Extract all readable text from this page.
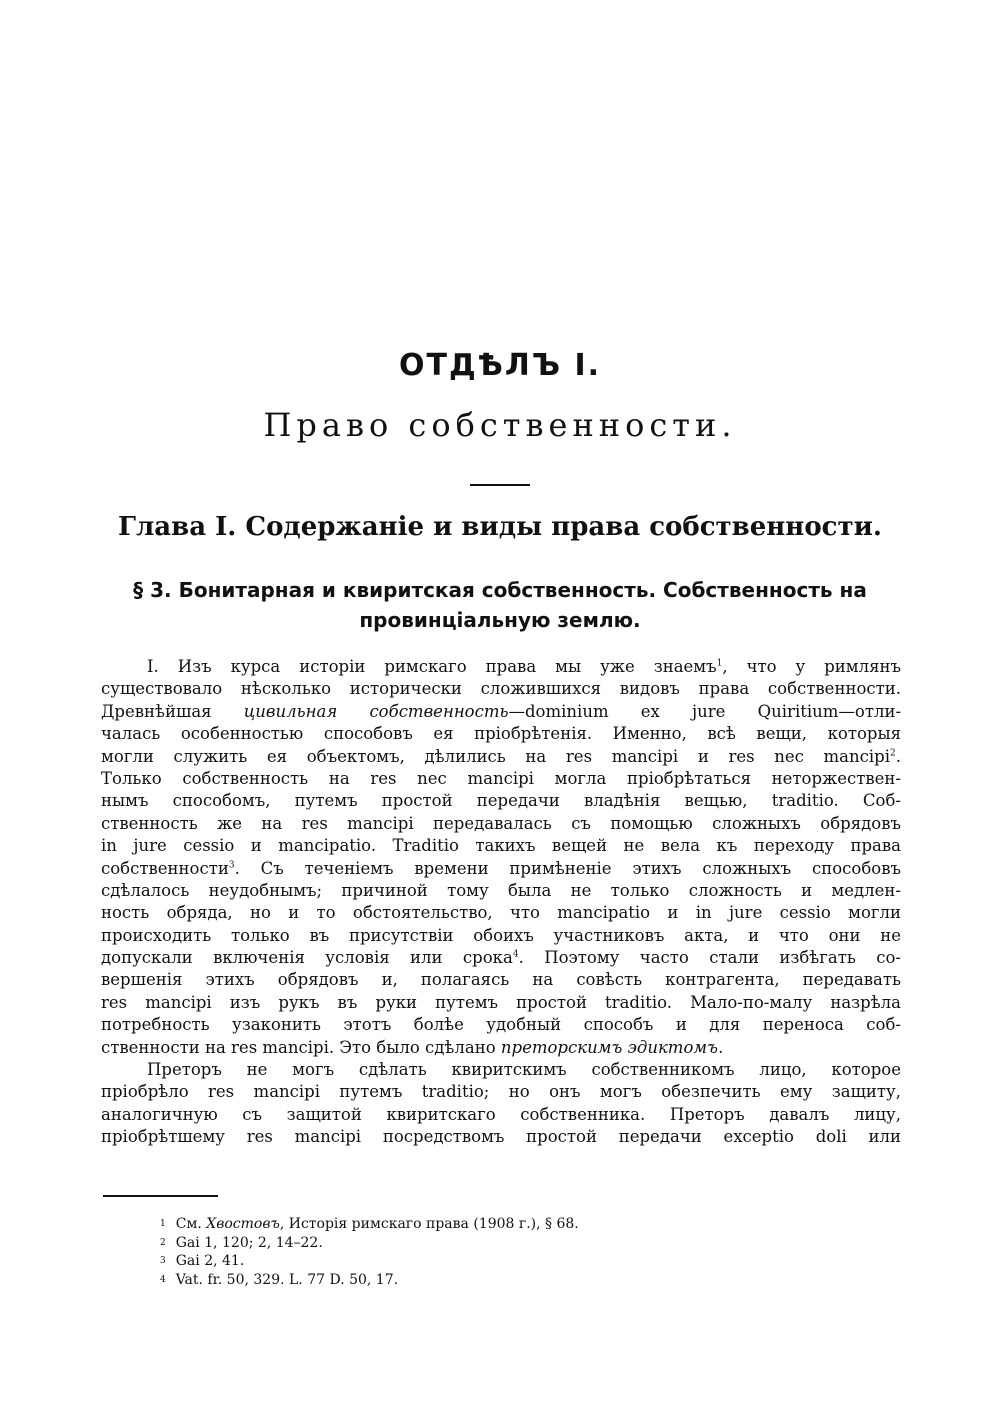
ОТДѢЛЪ I.
Право собственности.
Глава I. Содержаніе и виды права собственности.
§ 3. Бонитарная и квиритская собственность. Собственность на провинціальную землю.
I. Изъ курса исторіи римскаго права мы уже знаемъ$^1$, что у римлянъ
существовало нѣсколько исторически сложившихся видовъ права собственности.
Древнѣйшая цивильная собственность—dominium ex jure Quiritium—отли-
чалась особенностью способовъ ея пріобрѣтенія. Именно, всѣ вещи, которыя
могли служить ея объектомъ, дѣлились на res mancipi и res nec mancipi$^2$.
Только собственность на res nec mancipi могла пріобрѣтаться неторжествен-
нымъ способомъ, путемъ простой передачи владѣнія вещью, traditio. Соб-
ственность же на res mancipi передавалась съ помощью сложныхъ обрядовъ
in jure cessio и mancipatio. Traditio такихъ вещей не вела къ переходу права
собственности$^3$. Съ теченіемъ времени примѣненіе этихъ сложныхъ способовъ
сдѣлалось неудобнымъ; причиной тому была не только сложность и медлен-
ность обряда, но и то обстоятельство, что mancipatio и in jure cessio могли
происходить только въ присутствіи обоихъ участниковъ акта, и что они не
допускали включенія условія или срока$^4$. Поэтому часто стали избѣгать со-
вершенія этихъ обрядовъ и, полагаясь на совѣсть контрагента, передавать
res mancipi изъ рукъ въ руки путемъ простой traditio. Мало-по-малу назрѣла
потребность узаконить этотъ болѣе удобный способъ и для переноса соб-
ственности на res mancipi. Это было сдѣлано преторскимъ эдиктомъ.
Преторъ не могъ сдѣлать квиритскимъ собственникомъ лицо, которое
пріобрѣло res mancipi путемъ traditio; но онъ могъ обезпечить ему защиту,
аналогичную съ защитой квиритскаго собственника. Преторъ давалъ лицу,
пріобрѣтшему res mancipi посредствомъ простой передачи exceptio doli или
$^1$ См. Хвостовъ, Исторія римскаго права (1908 г.), § 68.
$^2$ Gai 1, 120; 2, 14–22.
$^3$ Gai 2, 41.
$^4$ Vat. fr. 50, 329. L. 77 D. 50, 17.
